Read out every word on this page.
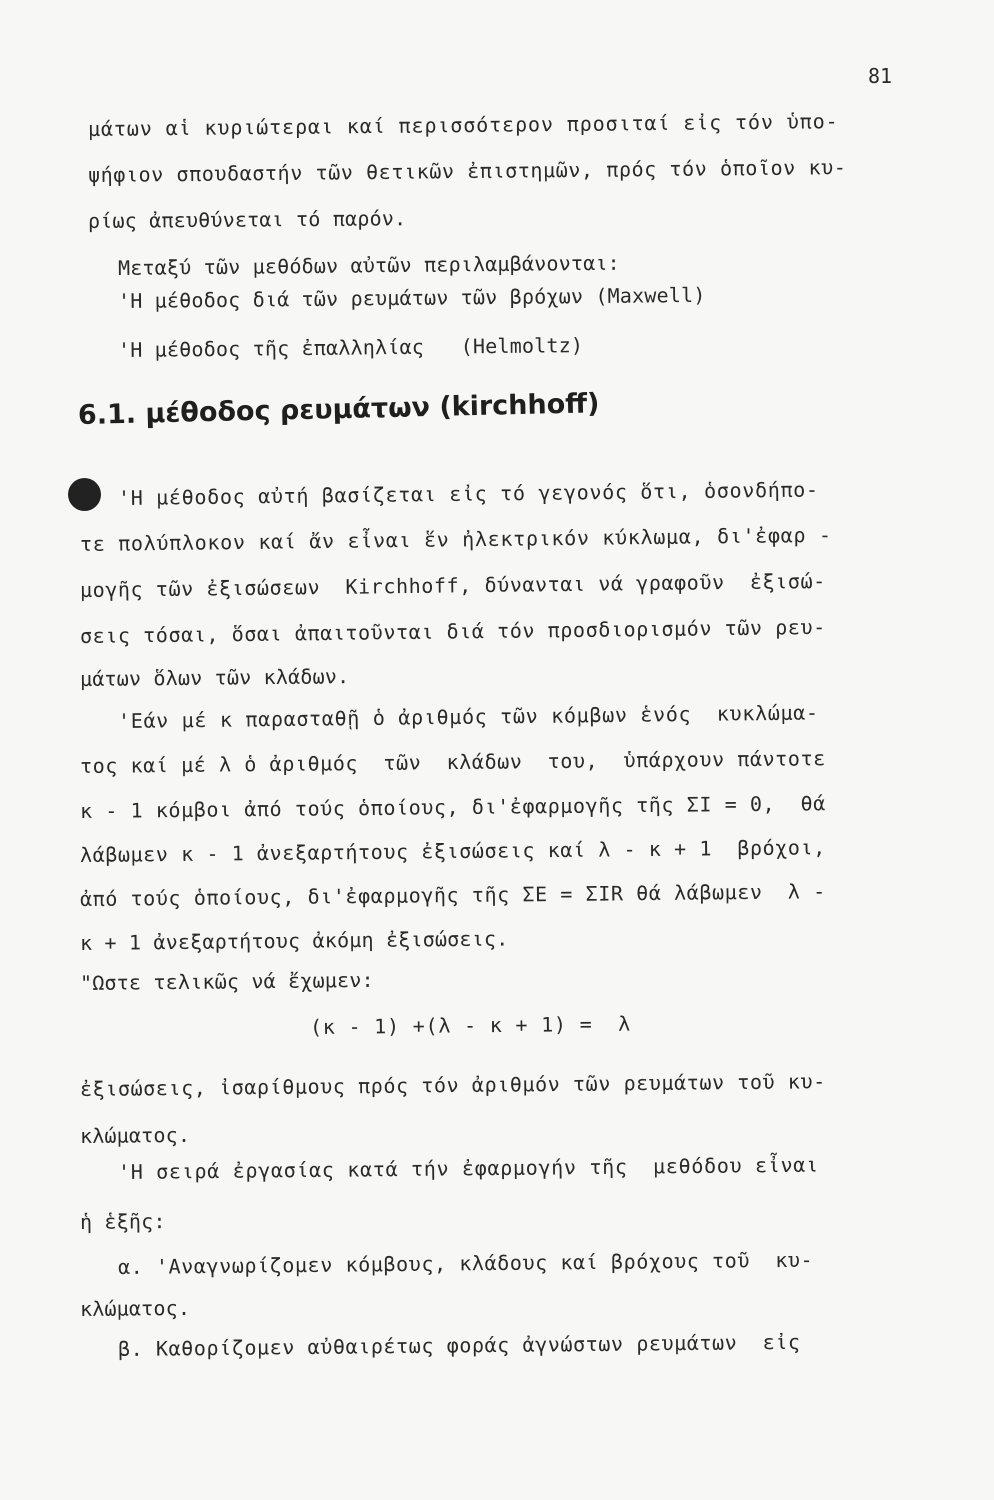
81
μάτων αἱ κυριώτεραι καί περισσότερον προσιταί εἰς τόν ὑπο-
ψήφιον σπουδαστήν τῶν θετικῶν ἐπιστημῶν, πρός τόν ὁποῖον κυ-
ρίως ἀπευθύνεται τό παρόν.
Μεταξύ τῶν μεθόδων αὐτῶν περιλαμβάνονται:
'Η μέθοδος διά τῶν ρευμάτων τῶν βρόχων (Maxwell)
'Η μέθοδος τῆς ἐπαλληλίας   (Helmoltz)
6.1. μέθοδος ρευμάτων (kirchhoff)
'Η μέθοδος αὐτή βασίζεται εἰς τό γεγονός ὅτι, ὁσονδήπο-
τε πολύπλοκον καί ἄν εἶναι ἕν ἠλεκτρικόν κύκλωμα, δι'ἐφαρ -
μογῆς τῶν ἐξισώσεων  Kirchhoff, δύνανται νά γραφοῦν  ἐξισώ-
σεις τόσαι, ὅσαι ἀπαιτοῦνται διά τόν προσδιορισμόν τῶν ρευ-
μάτων ὅλων τῶν κλάδων.
'Εάν μέ κ παρασταθῇ ὁ ἀριθμός τῶν κόμβων ἑνός  κυκλώμα-
τος καί μέ λ ὁ ἀριθμός  τῶν  κλάδων  του,  ὑπάρχουν πάντοτε
κ - 1 κόμβοι ἀπό τούς ὁποίους, δι'ἐφαρμογῆς τῆς ΣΙ = 0,  θά
λάβωμεν κ - 1 ἀνεξαρτήτους ἐξισώσεις καί λ - κ + 1  βρόχοι,
ἀπό τούς ὁποίους, δι'ἐφαρμογῆς τῆς ΣΕ = ΣΙR θά λάβωμεν  λ -
κ + 1 ἀνεξαρτήτους ἀκόμη ἐξισώσεις.
"Ωστε τελικῶς νά ἔχωμεν:
(κ - 1) +(λ - κ + 1) =  λ
ἐξισώσεις, ἰσαρίθμους πρός τόν ἀριθμόν τῶν ρευμάτων τοῦ κυ-
κλώματος.
'Η σειρά ἐργασίας κατά τήν ἐφαρμογήν τῆς  μεθόδου εἶναι
ἡ ἑξῆς:
α. 'Αναγνωρίζομεν κόμβους, κλάδους καί βρόχους τοῦ  κυ-
κλώματος.
β. Καθορίζομεν αὐθαιρέτως φοράς ἀγνώστων ρευμάτων  εἰς
